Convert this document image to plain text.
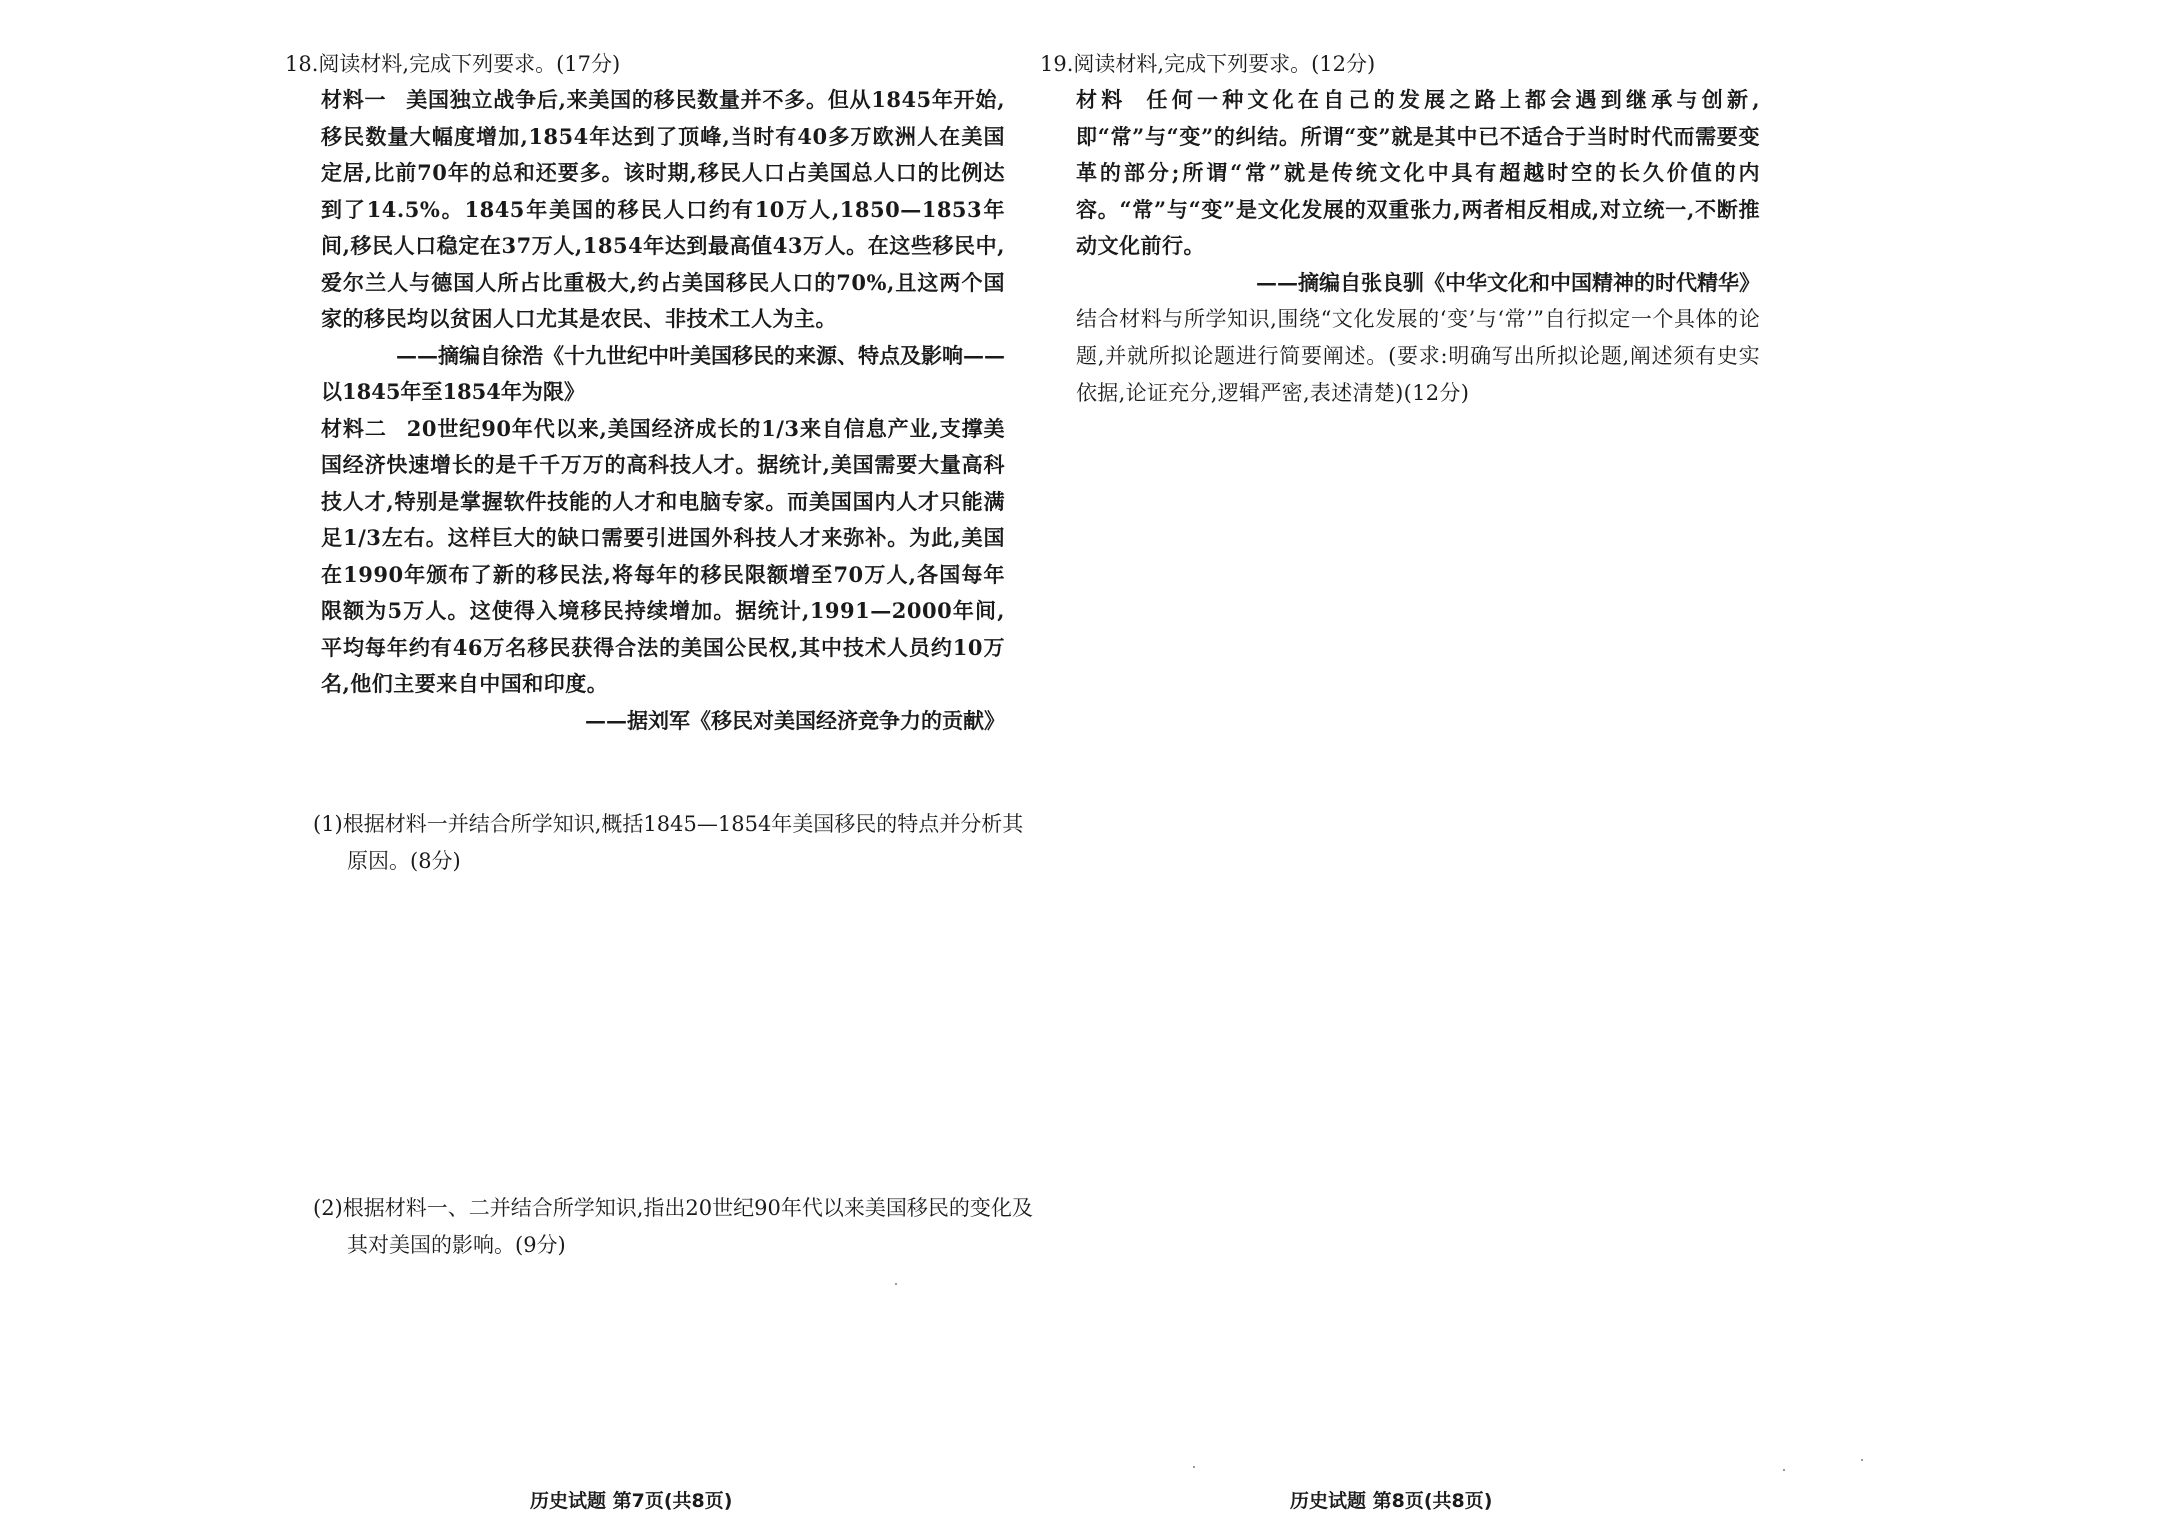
18.阅读材料,完成下列要求。(17分)

材料一 美国独立战争后,来美国的移民数量并不多。但从1845年开始,移民数量大幅度增加,1854年达到了顶峰,当时有40多万欧洲人在美国定居,比前70年的总和还要多。该时期,移民人口占美国总人口的比例达到了14.5%。1845年美国的移民人口约有10万人,1850—1853年间,移民人口稳定在37万人,1854年达到最高值43万人。在这些移民中,爱尔兰人与德国人所占比重极大,约占美国移民人口的70%,且这两个国家的移民均以贫困人口尤其是农民、非技术工人为主。

——摘编自徐浩《十九世纪中叶美国移民的来源、特点及影响——
以1845年至1854年为限》

材料二 20世纪90年代以来,美国经济成长的1/3来自信息产业,支撑美国经济快速增长的是千千万万的高科技人才。据统计,美国需要大量高科技人才,特别是掌握软件技能的人才和电脑专家。而美国国内人才只能满足1/3左右。这样巨大的缺口需要引进国外科技人才来弥补。为此,美国在1990年颁布了新的移民法,将每年的移民限额增至70万人,各国每年限额为5万人。这使得入境移民持续增加。据统计,1991—2000年间,平均每年约有46万名移民获得合法的美国公民权,其中技术人员约10万名,他们主要来自中国和印度。

——据刘军《移民对美国经济竞争力的贡献》

(1)根据材料一并结合所学知识,概括1845—1854年美国移民的特点并分析其原因。(8分)

(2)根据材料一、二并结合所学知识,指出20世纪90年代以来美国移民的变化及其对美国的影响。(9分)

历史试题 第7页(共8页)

19.阅读材料,完成下列要求。(12分)

材料 任何一种文化在自己的发展之路上都会遇到继承与创新,即“常”与“变”的纠结。所谓“变”就是其中已不适合于当时时代而需要变革的部分;所谓“常”就是传统文化中具有超越时空的长久价值的内容。“常”与“变”是文化发展的双重张力,两者相反相成,对立统一,不断推动文化前行。

——摘编自张良驯《中华文化和中国精神的时代精华》

结合材料与所学知识,围绕“文化发展的‘变’与‘常’”自行拟定一个具体的论题,并就所拟论题进行简要阐述。(要求:明确写出所拟论题,阐述须有史实依据,论证充分,逻辑严密,表述清楚)(12分)

历史试题 第8页(共8页)
